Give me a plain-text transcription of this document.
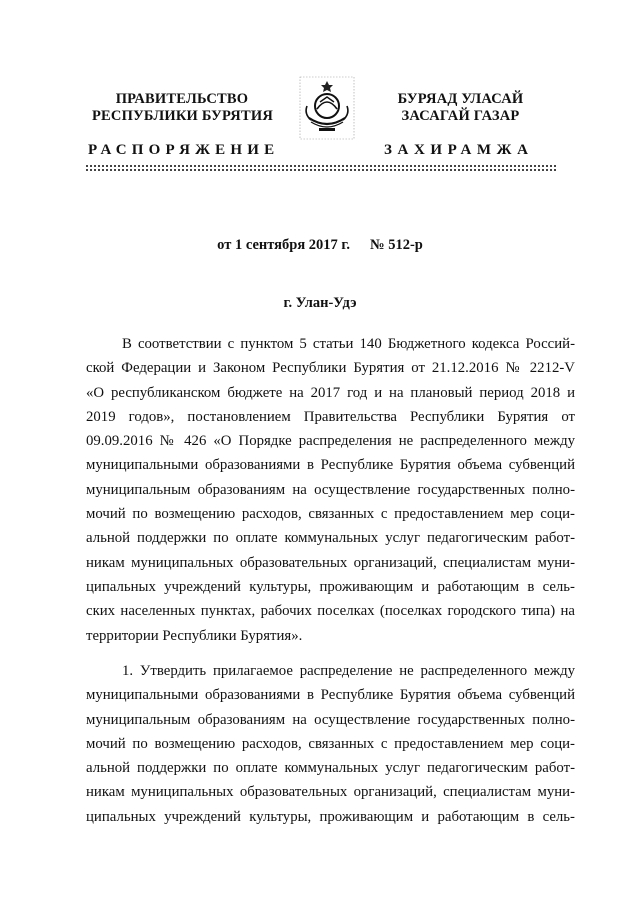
ПРАВИТЕЛЬСТВО
РЕСПУБЛИКИ БУРЯТИЯ
БУРЯАД УЛАСАЙ
ЗАСАГАЙ ГАЗАР
РАСПОРЯЖЕНИЕ	ЗАХИРАМЖА
от 1 сентября 2017 г. № 512-р
г. Улан-Удэ
В соответствии с пунктом 5 статьи 140 Бюджетного кодекса Россий-
ской Федерации и Законом Республики Бурятия от 21.12.2016 № 2212-V
«О республиканском бюджете на 2017 год и на плановый период 2018 и
2019 годов», постановлением Правительства Республики Бурятия от
09.09.2016 № 426 «О Порядке распределения не распределенного между
муниципальными образованиями в Республике Бурятия объема субвенций
муниципальным образованиям на осуществление государственных полно-
мочий по возмещению расходов, связанных с предоставлением мер соци-
альной поддержки по оплате коммунальных услуг педагогическим работ-
никам муниципальных образовательных организаций, специалистам муни-
ципальных учреждений культуры, проживающим и работающим в сель-
ских населенных пунктах, рабочих поселках (поселках городского типа) на
территории Республики Бурятия».
1. Утвердить прилагаемое распределение не распределенного между
муниципальными образованиями в Республике Бурятия объема субвенций
муниципальным образованиям на осуществление государственных полно-
мочий по возмещению расходов, связанных с предоставлением мер соци-
альной поддержки по оплате коммунальных услуг педагогическим работ-
никам муниципальных образовательных организаций, специалистам муни-
ципальных учреждений культуры, проживающим и работающим в сель-
